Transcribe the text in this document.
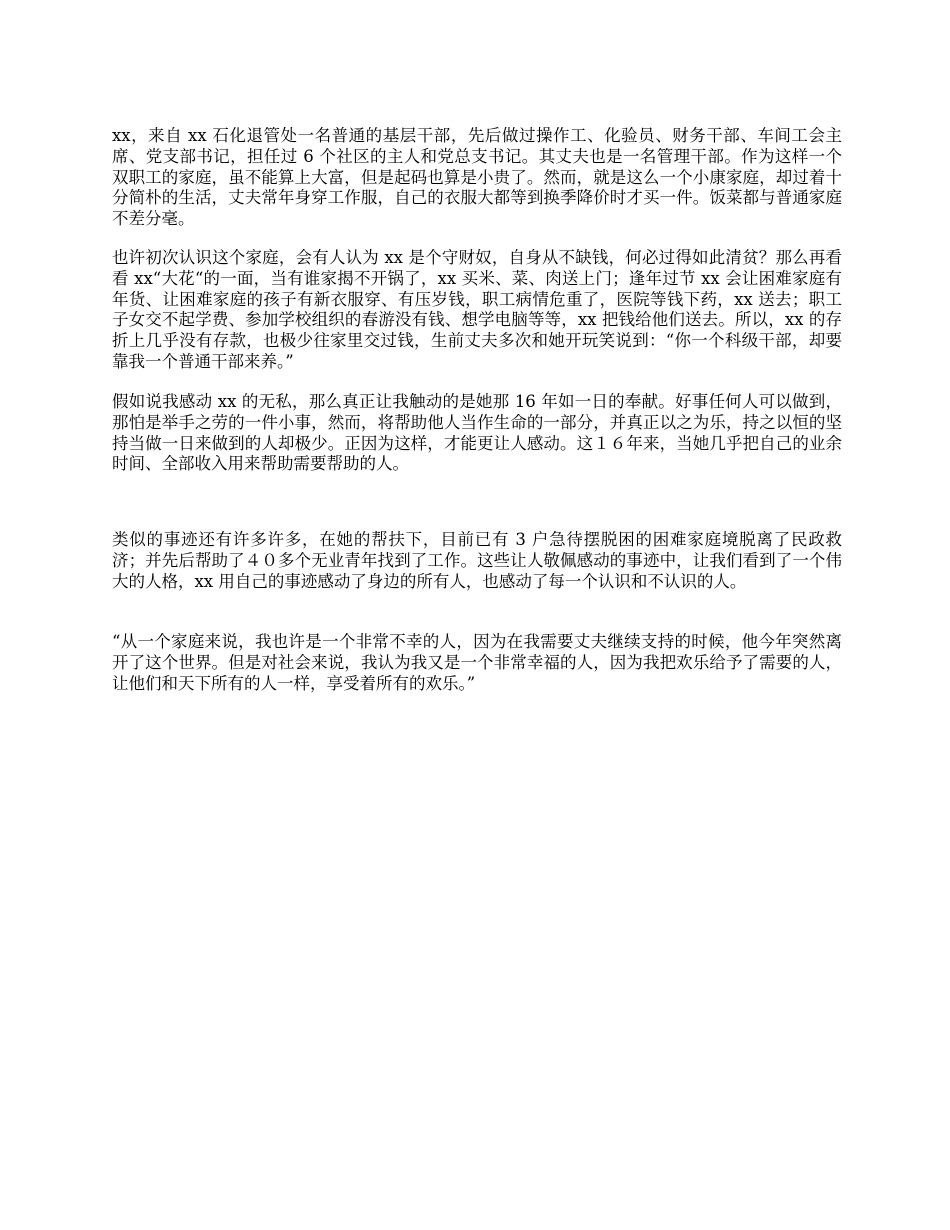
xx，来自 xx 石化退管处一名普通的基层干部，先后做过操作工、化验员、财务干部、车间工会主席、党支部书记，担任过 6 个社区的主人和党总支书记。其丈夫也是一名管理干部。作为这样一个双职工的家庭，虽不能算上大富，但是起码也算是小贵了。然而，就是这么一个小康家庭，却过着十分简朴的生活，丈夫常年身穿工作服，自己的衣服大都等到换季降价时才买一件。饭菜都与普通家庭不差分毫。

也许初次认识这个家庭，会有人认为 xx 是个守财奴，自身从不缺钱，何必过得如此清贫？那么再看看 xx“大花“的一面，当有谁家揭不开锅了，xx 买米、菜、肉送上门；逢年过节 xx 会让困难家庭有年货、让困难家庭的孩子有新衣服穿、有压岁钱，职工病情危重了，医院等钱下药，xx 送去；职工子女交不起学费、参加学校组织的春游没有钱、想学电脑等等，xx 把钱给他们送去。所以，xx 的存折上几乎没有存款，也极少往家里交过钱，生前丈夫多次和她开玩笑说到：“你一个科级干部，却要靠我一个普通干部来养。”

假如说我感动 xx 的无私，那么真正让我触动的是她那 16 年如一日的奉献。好事任何人可以做到，那怕是举手之劳的一件小事，然而，将帮助他人当作生命的一部分，并真正以之为乐，持之以恒的坚持当做一日来做到的人却极少。正因为这样，才能更让人感动。这１６年来，当她几乎把自己的业余时间、全部收入用来帮助需要帮助的人。

类似的事迹还有许多许多，在她的帮扶下，目前已有 3 户急待摆脱困的困难家庭境脱离了民政救济；并先后帮助了４０多个无业青年找到了工作。这些让人敬佩感动的事迹中，让我们看到了一个伟大的人格，xx 用自己的事迹感动了身边的所有人，也感动了每一个认识和不认识的人。

“从一个家庭来说，我也许是一个非常不幸的人，因为在我需要丈夫继续支持的时候，他今年突然离开了这个世界。但是对社会来说，我认为我又是一个非常幸福的人，因为我把欢乐给予了需要的人，让他们和天下所有的人一样，享受着所有的欢乐。”
